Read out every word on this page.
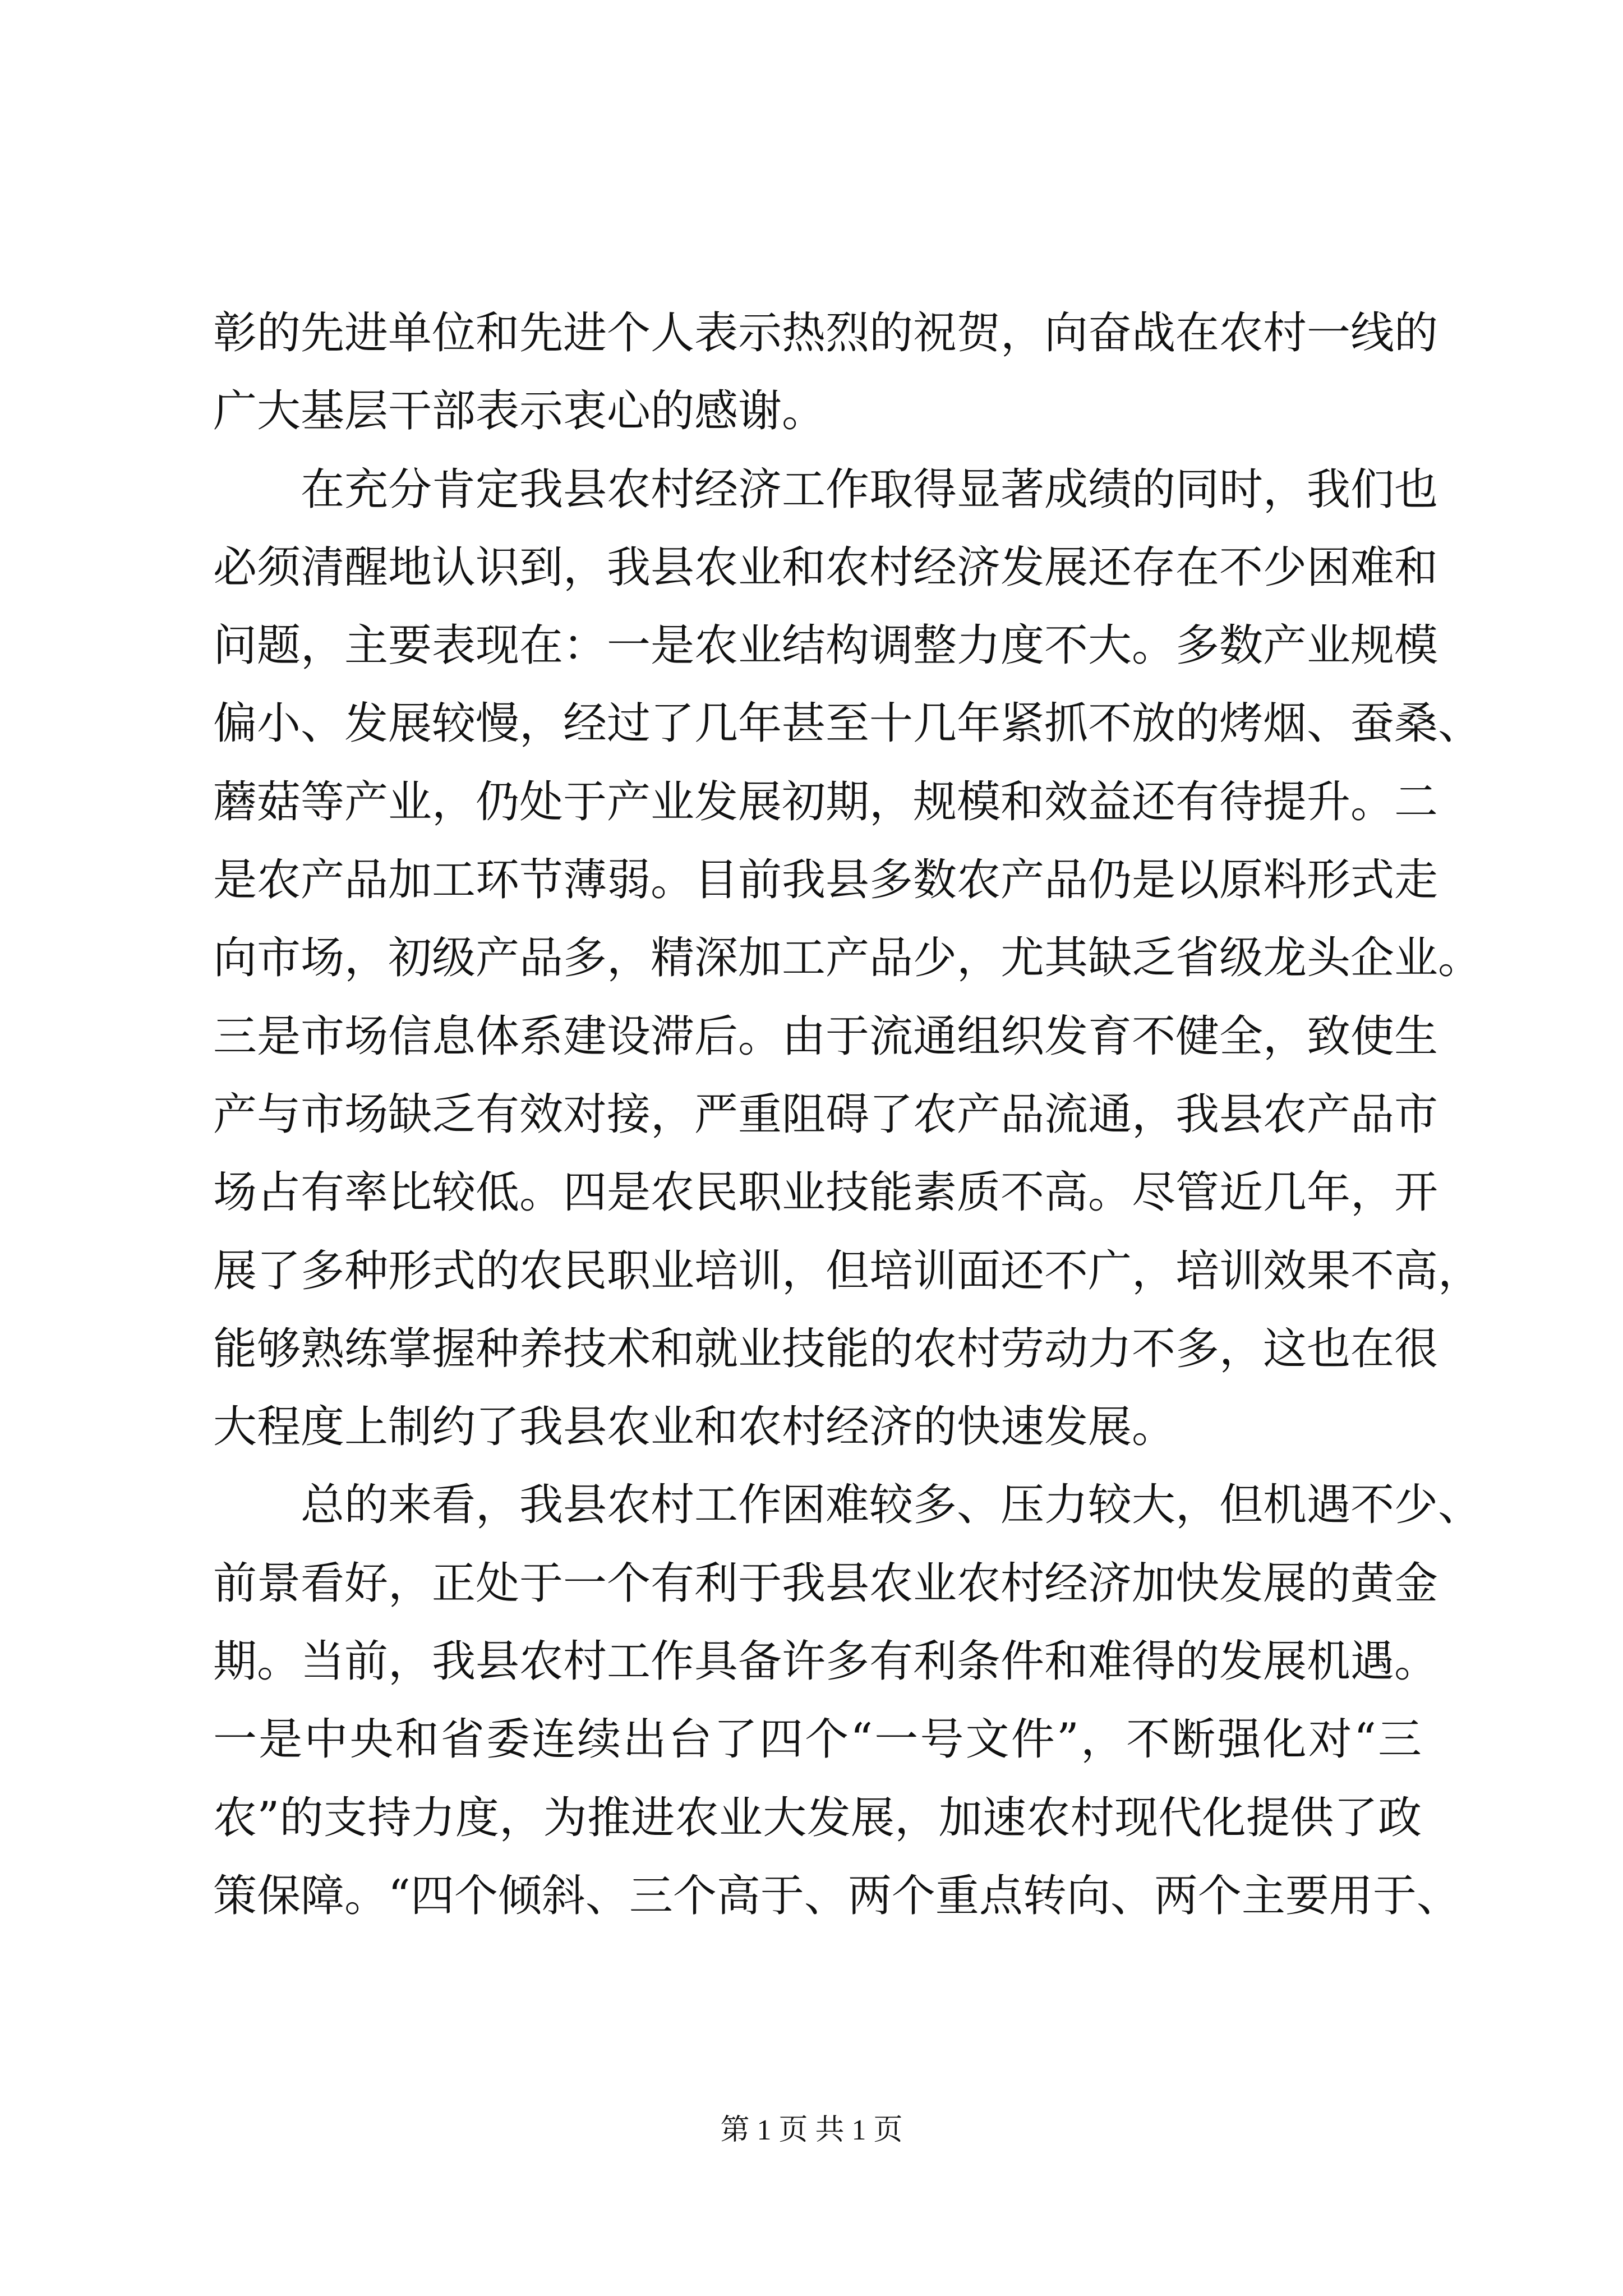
彰的先进单位和先进个人表示热烈的祝贺，向奋战在农村一线的
广大基层干部表示衷心的感谢。
在充分肯定我县农村经济工作取得显著成绩的同时，我们也
必须清醒地认识到，我县农业和农村经济发展还存在不少困难和
问题，主要表现在：一是农业结构调整力度不大。多数产业规模
偏小、发展较慢，经过了几年甚至十几年紧抓不放的烤烟、蚕桑、
蘑菇等产业，仍处于产业发展初期，规模和效益还有待提升。二
是农产品加工环节薄弱。目前我县多数农产品仍是以原料形式走
向市场，初级产品多，精深加工产品少，尤其缺乏省级龙头企业。
三是市场信息体系建设滞后。由于流通组织发育不健全，致使生
产与市场缺乏有效对接，严重阻碍了农产品流通，我县农产品市
场占有率比较低。四是农民职业技能素质不高。尽管近几年，开
展了多种形式的农民职业培训，但培训面还不广，培训效果不高，
能够熟练掌握种养技术和就业技能的农村劳动力不多，这也在很
大程度上制约了我县农业和农村经济的快速发展。
总的来看，我县农村工作困难较多、压力较大，但机遇不少、
前景看好，正处于一个有利于我县农业农村经济加快发展的黄金
期。当前，我县农村工作具备许多有利条件和难得的发展机遇。
一是中央和省委连续出台了四个“一号文件”，不断强化对“三
农”的支持力度，为推进农业大发展，加速农村现代化提供了政
策保障。“四个倾斜、三个高于、两个重点转向、两个主要用于、
第 1 页 共 1 页
